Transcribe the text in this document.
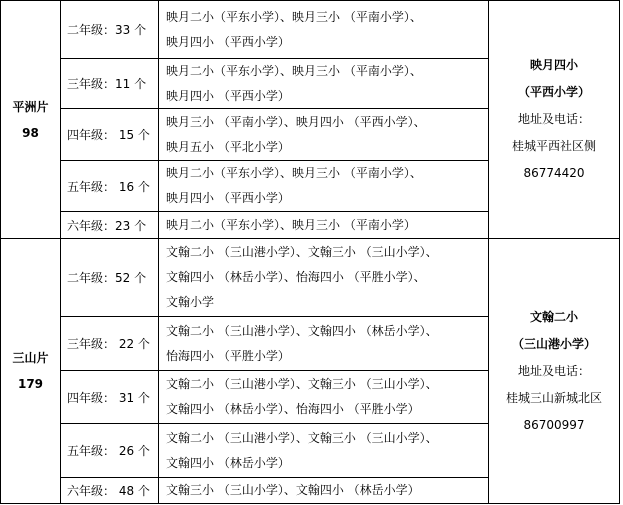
平洲片
98
二年级：33 个
映月二小（平东小学）、映月三小 （平南小学）、
映月四小 （平西小学）
三年级：11 个
映月二小（平东小学）、映月三小 （平南小学）、
映月四小 （平西小学）
四年级： 15 个
映月三小 （平南小学）、映月四小 （平西小学）、
映月五小 （平北小学）
五年级： 16 个
映月二小（平东小学）、映月三小 （平南小学）、
映月四小 （平西小学）
六年级：23 个	映月二小（平东小学）、映月三小 （平南小学）
映月四小
（平西小学）
地址及电话：
桂城平西社区侧
86774420
三山片
179
二年级：52 个
文翰二小 （三山港小学）、文翰三小 （三山小学）、
文翰四小 （林岳小学）、怡海四小 （平胜小学）、
文翰小学
三年级： 22 个
文翰二小 （三山港小学）、文翰四小 （林岳小学）、
怡海四小 （平胜小学）
四年级： 31 个
文翰二小 （三山港小学）、文翰三小 （三山小学）、
文翰四小 （林岳小学）、怡海四小 （平胜小学）
五年级： 26 个
文翰二小 （三山港小学）、文翰三小 （三山小学）、
文翰四小 （林岳小学）
六年级： 48 个	文翰三小 （三山小学）、文翰四小 （林岳小学）
文翰二小
（三山港小学）
地址及电话：
桂城三山新城北区
86700997
